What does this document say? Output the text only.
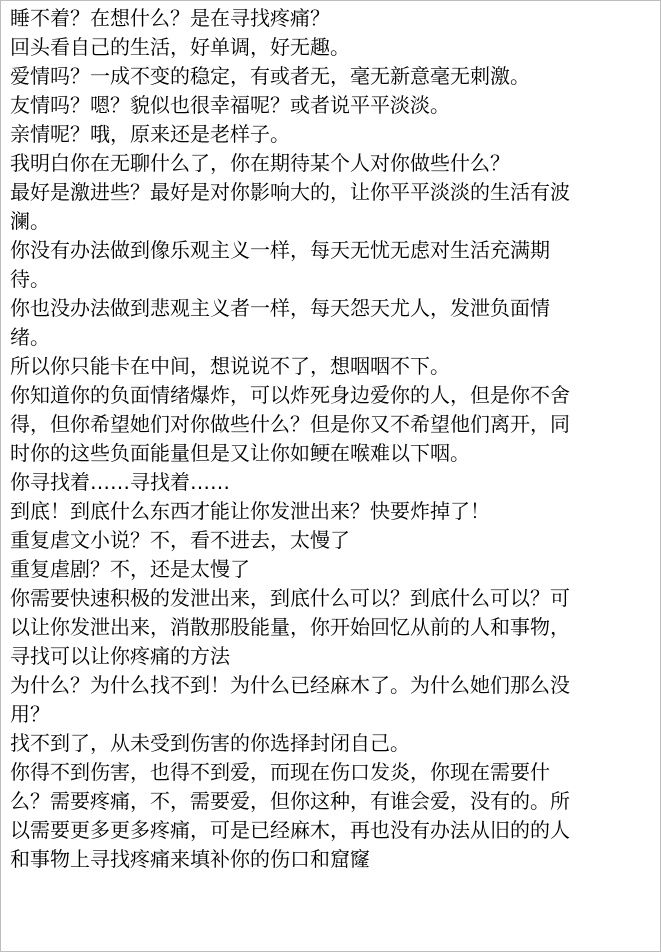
睡不着？在想什么？是在寻找疼痛？
回头看自己的生活，好单调，好无趣。
爱情吗？一成不变的稳定，有或者无，毫无新意毫无刺激。
友情吗？嗯？貌似也很幸福呢？或者说平平淡淡。
亲情呢？哦，原来还是老样子。
我明白你在无聊什么了，你在期待某个人对你做些什么？
最好是激进些？最好是对你影响大的，让你平平淡淡的生活有波
澜。
你没有办法做到像乐观主义一样，每天无忧无虑对生活充满期
待。
你也没办法做到悲观主义者一样，每天怨天尤人，发泄负面情
绪。
所以你只能卡在中间，想说说不了，想咽咽不下。
你知道你的负面情绪爆炸，可以炸死身边爱你的人，但是你不舍
得，但你希望她们对你做些什么？但是你又不希望他们离开，同
时你的这些负面能量但是又让你如鲠在喉难以下咽。
你寻找着……寻找着……
到底！到底什么东西才能让你发泄出来？快要炸掉了！
重复虐文小说？不，看不进去，太慢了
重复虐剧？不，还是太慢了
你需要快速积极的发泄出来，到底什么可以？到底什么可以？可
以让你发泄出来，消散那股能量，你开始回忆从前的人和事物，
寻找可以让你疼痛的方法
为什么？为什么找不到！为什么已经麻木了。为什么她们那么没
用？
找不到了，从未受到伤害的你选择封闭自己。
你得不到伤害，也得不到爱，而现在伤口发炎，你现在需要什
么？需要疼痛，不，需要爱，但你这种，有谁会爱，没有的。所
以需要更多更多疼痛，可是已经麻木，再也没有办法从旧的的人
和事物上寻找疼痛来填补你的伤口和窟窿
